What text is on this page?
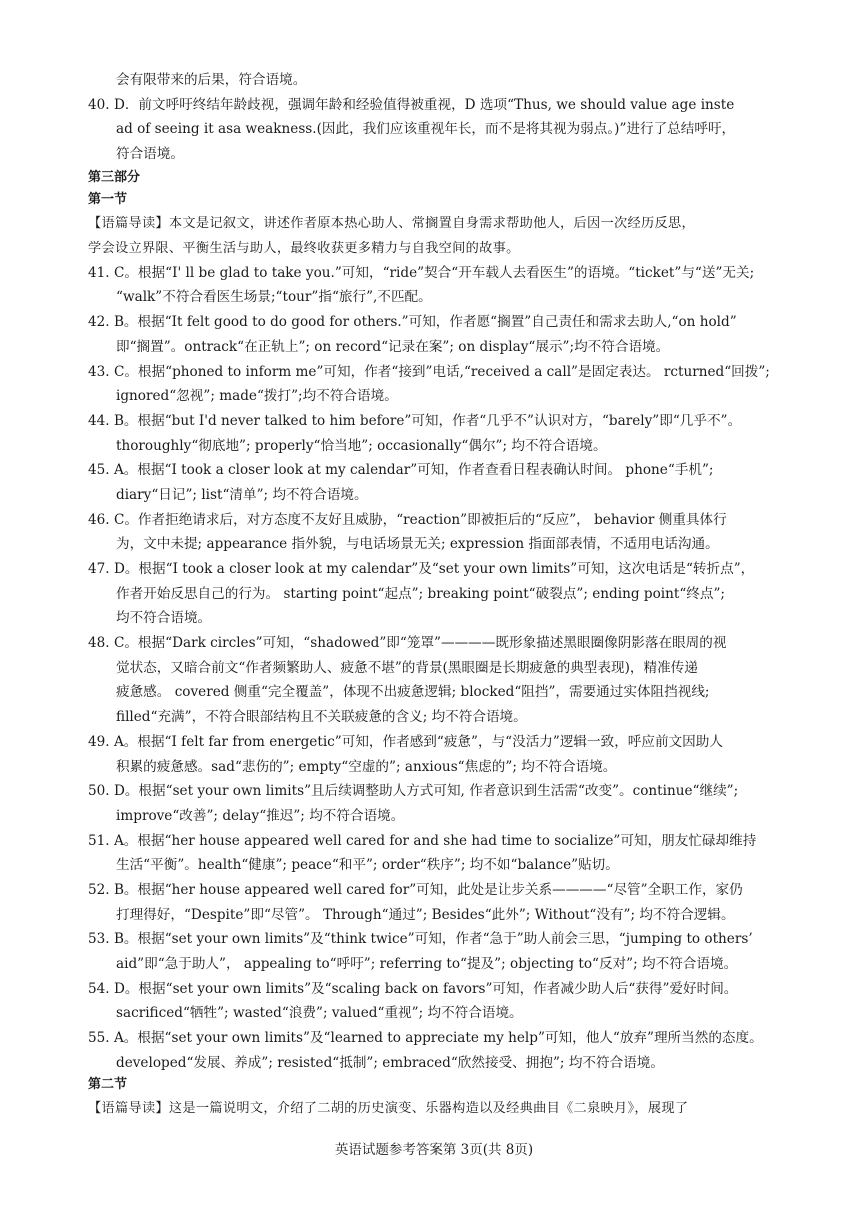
会有限带来的后果，符合语境。
40. D．前文呼吁终结年龄歧视，强调年龄和经验值得被重视，D 选项“Thus, we should value age inste
ad of seeing it asa weakness.(因此，我们应该重视年长，而不是将其视为弱点。)”进行了总结呼吁，
符合语境。
第三部分
第一节
【语篇导读】本文是记叙文，讲述作者原本热心助人、常搁置自身需求帮助他人，后因一次经历反思，
学会设立界限、平衡生活与助人，最终收获更多精力与自我空间的故事。
41. C。根据“I' ll be glad to take you.”可知，“ride”契合“开车载人去看医生”的语境。“ticket”与“送”无关;
“walk”不符合看医生场景;“tour”指“旅行”,不匹配。
42. B。根据“It felt good to do good for others.”可知，作者愿“搁置”自己责任和需求去助人,“on hold”
即“搁置”。ontrack“在正轨上”; on record“记录在案”; on display“展示”;均不符合语境。
43. C。根据“phoned to inform me”可知，作者“接到”电话,“received a call”是固定表达。 rcturned“回拨”;
ignored“忽视”; made“拨打”;均不符合语境。
44. B。根据“but I'd never talked to him before”可知，作者“几乎不”认识对方，“barely”即“几乎不”。
thoroughly“彻底地”; properly“恰当地”; occasionally“偶尔”; 均不符合语境。
45. A。根据“I took a closer look at my calendar”可知，作者查看日程表确认时间。 phone“手机”;
diary“日记”; list“清单”; 均不符合语境。
46. C。作者拒绝请求后，对方态度不友好且威胁，“reaction”即被拒后的“反应”， behavior 侧重具体行
为，文中未提; appearance 指外貌，与电话场景无关; expression 指面部表情，不适用电话沟通。
47. D。根据“I took a closer look at my calendar”及“set your own limits”可知，这次电话是“转折点”，
作者开始反思自己的行为。 starting point“起点”; breaking point“破裂点”; ending point“终点”;
均不符合语境。
48. C。根据“Dark circles”可知，“shadowed”即“笼罩”————既形象描述黑眼圈像阴影落在眼周的视
觉状态，又暗合前文“作者频繁助人、疲惫不堪”的背景(黑眼圈是长期疲惫的典型表现)，精准传递
疲惫感。 covered 侧重“完全覆盖”，体现不出疲惫逻辑; blocked“阻挡”，需要通过实体阻挡视线;
filled“充满”，不符合眼部结构且不关联疲惫的含义; 均不符合语境。
49. A。根据“I felt far from energetic”可知，作者感到“疲惫”，与“没活力”逻辑一致，呼应前文因助人
积累的疲惫感。sad“悲伤的”; empty“空虚的”; anxious“焦虑的”; 均不符合语境。
50. D。根据“set your own limits”且后续调整助人方式可知, 作者意识到生活需“改变”。continue“继续”;
improve“改善”; delay“推迟”; 均不符合语境。
51. A。根据“her house appeared well cared for and she had time to socialize”可知，朋友忙碌却维持
生活“平衡”。health“健康”; peace“和平”; order“秩序”; 均不如“balance”贴切。
52. B。根据“her house appeared well cared for”可知，此处是让步关系————“尽管”全职工作，家仍
打理得好，“Despite”即“尽管”。 Through“通过”; Besides“此外”; Without“没有”; 均不符合逻辑。
53. B。根据“set your own limits”及“think twice”可知，作者“急于”助人前会三思，“jumping to others’
aid”即“急于助人”， appealing to“呼吁”; referring to“提及”; objecting to“反对”; 均不符合语境。
54. D。根据“set your own limits”及“scaling back on favors”可知，作者减少助人后“获得”爱好时间。
sacrificed“牺牲”; wasted“浪费”; valued“重视”; 均不符合语境。
55. A。根据“set your own limits”及“learned to appreciate my help”可知，他人“放弃”理所当然的态度。
developed“发展、养成”; resisted“抵制”; embraced“欣然接受、拥抱”; 均不符合语境。
第二节
【语篇导读】这是一篇说明文，介绍了二胡的历史演变、乐器构造以及经典曲目《二泉映月》，展现了
英语试题参考答案第 3页(共 8页)
